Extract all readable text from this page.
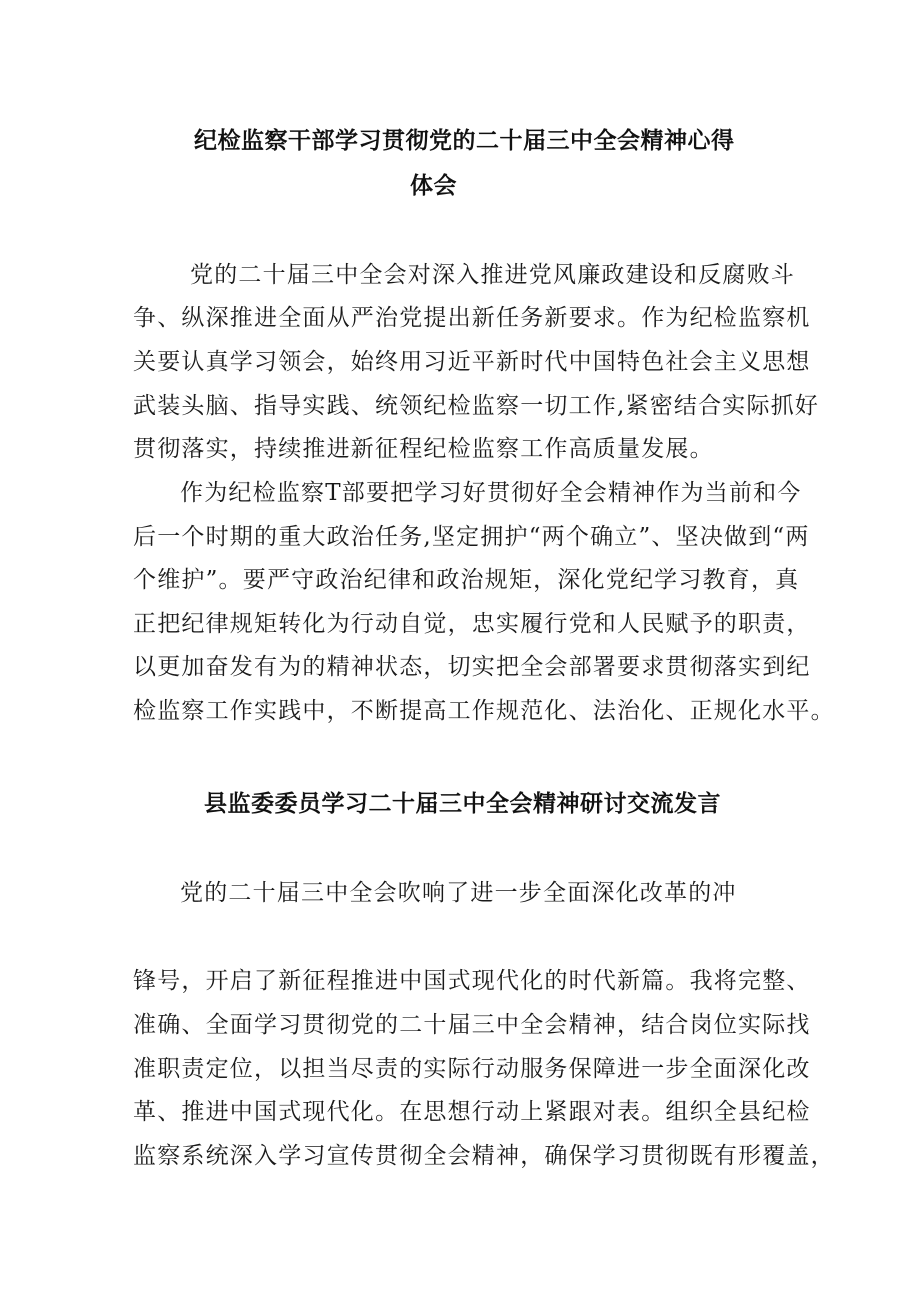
纪检监察干部学习贯彻党的二十届三中全会精神心得
体会
党的二十届三中全会对深入推进党风廉政建设和反腐败斗
争、纵深推进全面从严治党提出新任务新要求。作为纪检监察机
关要认真学习领会，始终用习近平新时代中国特色社会主义思想
武装头脑、指导实践、统领纪检监察一切工作,紧密结合实际抓好
贯彻落实，持续推进新征程纪检监察工作高质量发展。
作为纪检监察T部要把学习好贯彻好全会精神作为当前和今
后一个时期的重大政治任务,坚定拥护“两个确立”、坚决做到“两
个维护”。要严守政治纪律和政治规矩，深化党纪学习教育，真
正把纪律规矩转化为行动自觉，忠实履行党和人民赋予的职责，
以更加奋发有为的精神状态，切实把全会部署要求贯彻落实到纪
检监察工作实践中，不断提高工作规范化、法治化、正规化水平。
县监委委员学习二十届三中全会精神研讨交流发言
党的二十届三中全会吹响了进一步全面深化改革的冲
锋号，开启了新征程推进中国式现代化的时代新篇。我将完整、
准确、全面学习贯彻党的二十届三中全会精神，结合岗位实际找
准职责定位，以担当尽责的实际行动服务保障进一步全面深化改
革、推进中国式现代化。在思想行动上紧跟对表。组织全县纪检
监察系统深入学习宣传贯彻全会精神，确保学习贯彻既有形覆盖，
